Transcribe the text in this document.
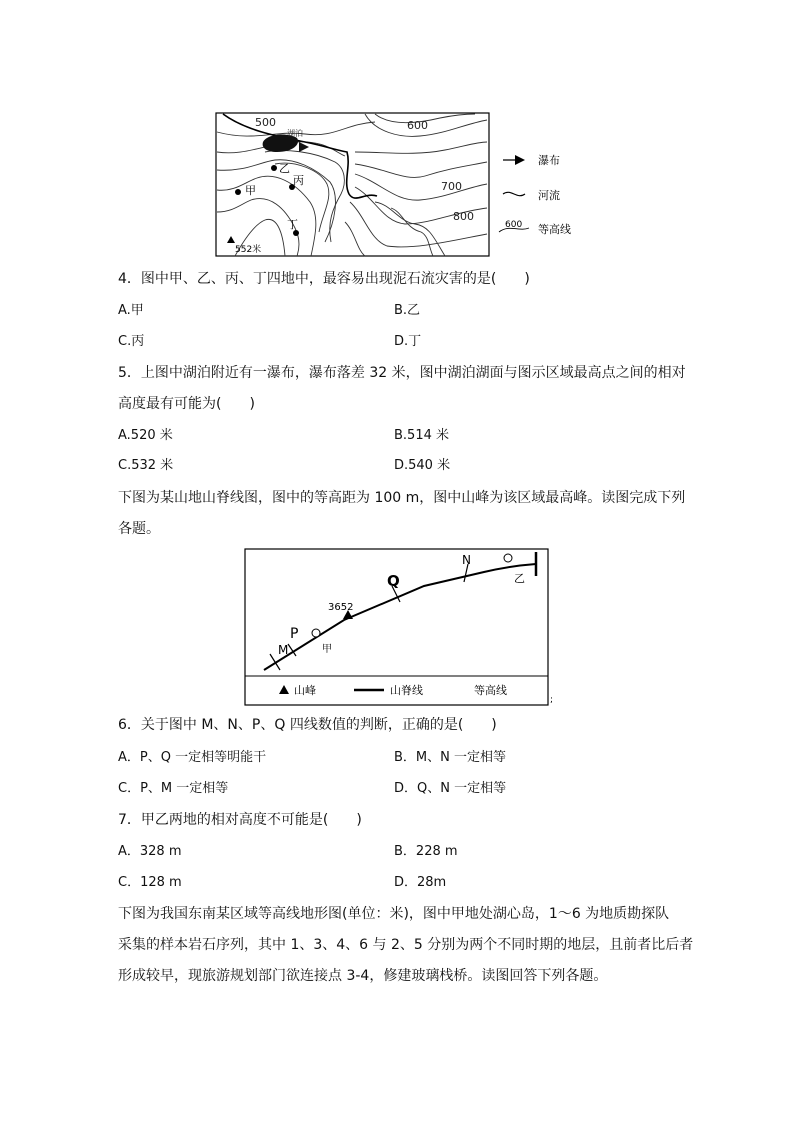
500	600
700
800
湖泊
甲
乙
丙
丁
552米
瀑布
河流
600 等高线
4．图中甲、乙、丙、丁四地中，最容易出现泥石流灾害的是(　　)
A.甲	B.乙
C.丙	D.丁
5．上图中湖泊附近有一瀑布，瀑布落差 32 米，图中湖泊湖面与图示区域最高点之间的相对
高度最有可能为(　　)
A.520 米	B.514 米
C.532 米	D.540 米
下图为某山地山脊线图，图中的等高距为 100 m，图中山峰为该区域最高峰。读图完成下列
各题。
M
P
Q
N
甲
乙
3652
山峰	山脊线	等高线
;
6．关于图中 M、N、P、Q 四线数值的判断，正确的是(　　)
A．P、Q 一定相等明能干	B．M、N 一定相等
C．P、M 一定相等	D．Q、N 一定相等
7．甲乙两地的相对高度不可能是(　　)
A．328 m	B．228 m
C．128 m	D．28m
下图为我国东南某区域等高线地形图(单位：米)，图中甲地处湖心岛，1～6 为地质勘探队
采集的样本岩石序列，其中 1、3、4、6 与 2、5 分别为两个不同时期的地层，且前者比后者
形成较早，现旅游规划部门欲连接点 3-4，修建玻璃栈桥。读图回答下列各题。
